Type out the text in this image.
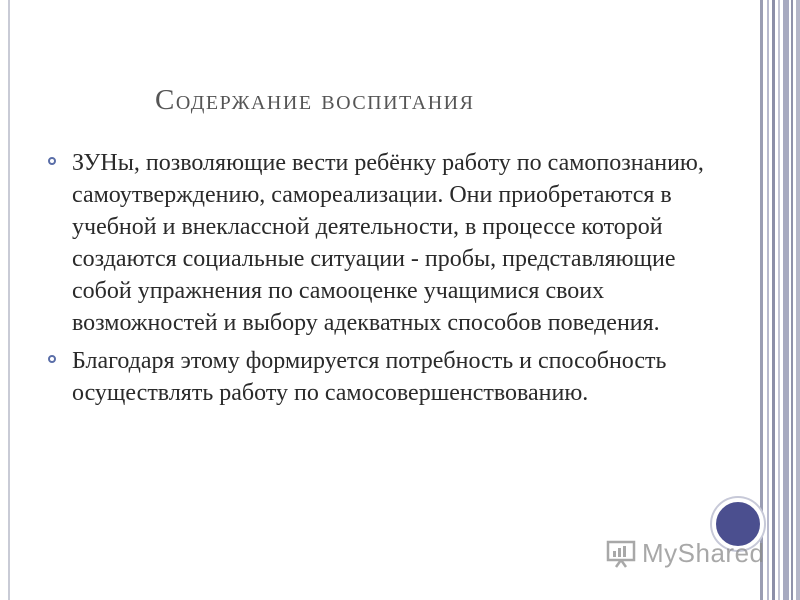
Содержание воспитания
ЗУНы, позволяющие вести ребёнку работу по самопознанию, самоутверждению, самореализации. Они приобретаются в учебной и внеклассной деятельности, в процессе которой создаются социальные ситуации - пробы, представляющие собой упражнения по самооценке учащимися своих возможностей и выбору адекватных способов поведения.
Благодаря этому формируется потребность и способность осуществлять работу по самосовершенствованию.
MyShared
